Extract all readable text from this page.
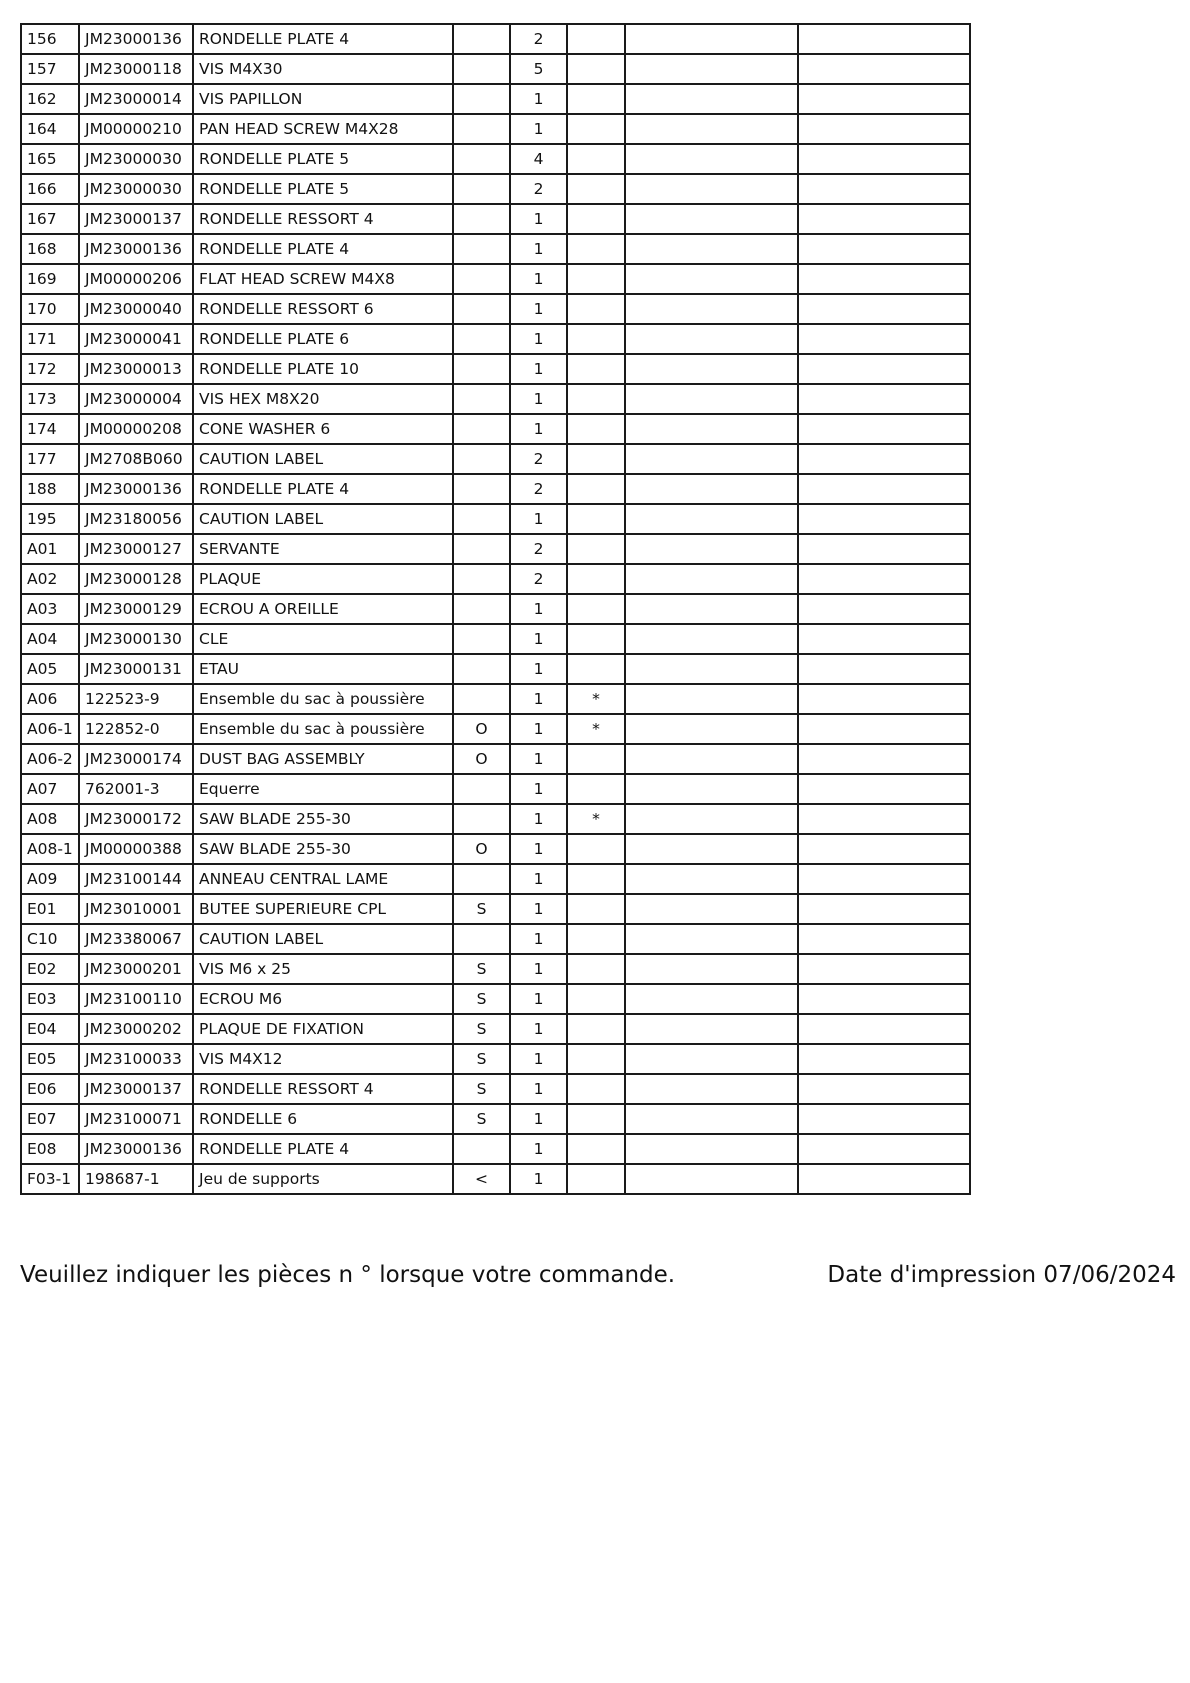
156	JM23000136	RONDELLE PLATE 4		2			
157	JM23000118	VIS M4X30		5			
162	JM23000014	VIS PAPILLON		1			
164	JM00000210	PAN HEAD SCREW M4X28		1			
165	JM23000030	RONDELLE PLATE 5		4			
166	JM23000030	RONDELLE PLATE 5		2			
167	JM23000137	RONDELLE RESSORT 4		1			
168	JM23000136	RONDELLE PLATE 4		1			
169	JM00000206	FLAT HEAD SCREW M4X8		1			
170	JM23000040	RONDELLE RESSORT 6		1			
171	JM23000041	RONDELLE PLATE 6		1			
172	JM23000013	RONDELLE PLATE 10		1			
173	JM23000004	VIS HEX M8X20		1			
174	JM00000208	CONE WASHER 6		1			
177	JM2708B060	CAUTION LABEL		2			
188	JM23000136	RONDELLE PLATE 4		2			
195	JM23180056	CAUTION LABEL		1			
A01	JM23000127	SERVANTE		2			
A02	JM23000128	PLAQUE		2			
A03	JM23000129	ECROU A OREILLE		1			
A04	JM23000130	CLE		1			
A05	JM23000131	ETAU		1			
A06	122523-9	Ensemble du sac à poussière		1	*		
A06-1	122852-0	Ensemble du sac à poussière	O	1	*		
A06-2	JM23000174	DUST BAG ASSEMBLY	O	1			
A07	762001-3	Equerre		1			
A08	JM23000172	SAW BLADE 255-30		1	*		
A08-1	JM00000388	SAW BLADE 255-30	O	1			
A09	JM23100144	ANNEAU CENTRAL LAME		1			
E01	JM23010001	BUTEE SUPERIEURE CPL	S	1			
C10	JM23380067	CAUTION LABEL		1			
E02	JM23000201	VIS M6 x 25	S	1			
E03	JM23100110	ECROU M6	S	1			
E04	JM23000202	PLAQUE DE FIXATION	S	1			
E05	JM23100033	VIS M4X12	S	1			
E06	JM23000137	RONDELLE RESSORT 4	S	1			
E07	JM23100071	RONDELLE 6	S	1			
E08	JM23000136	RONDELLE PLATE 4		1			
F03-1	198687-1	Jeu de supports	<	1			
Veuillez indiquer les pièces n ° lorsque votre commande.	Date d'impression 07/06/2024
